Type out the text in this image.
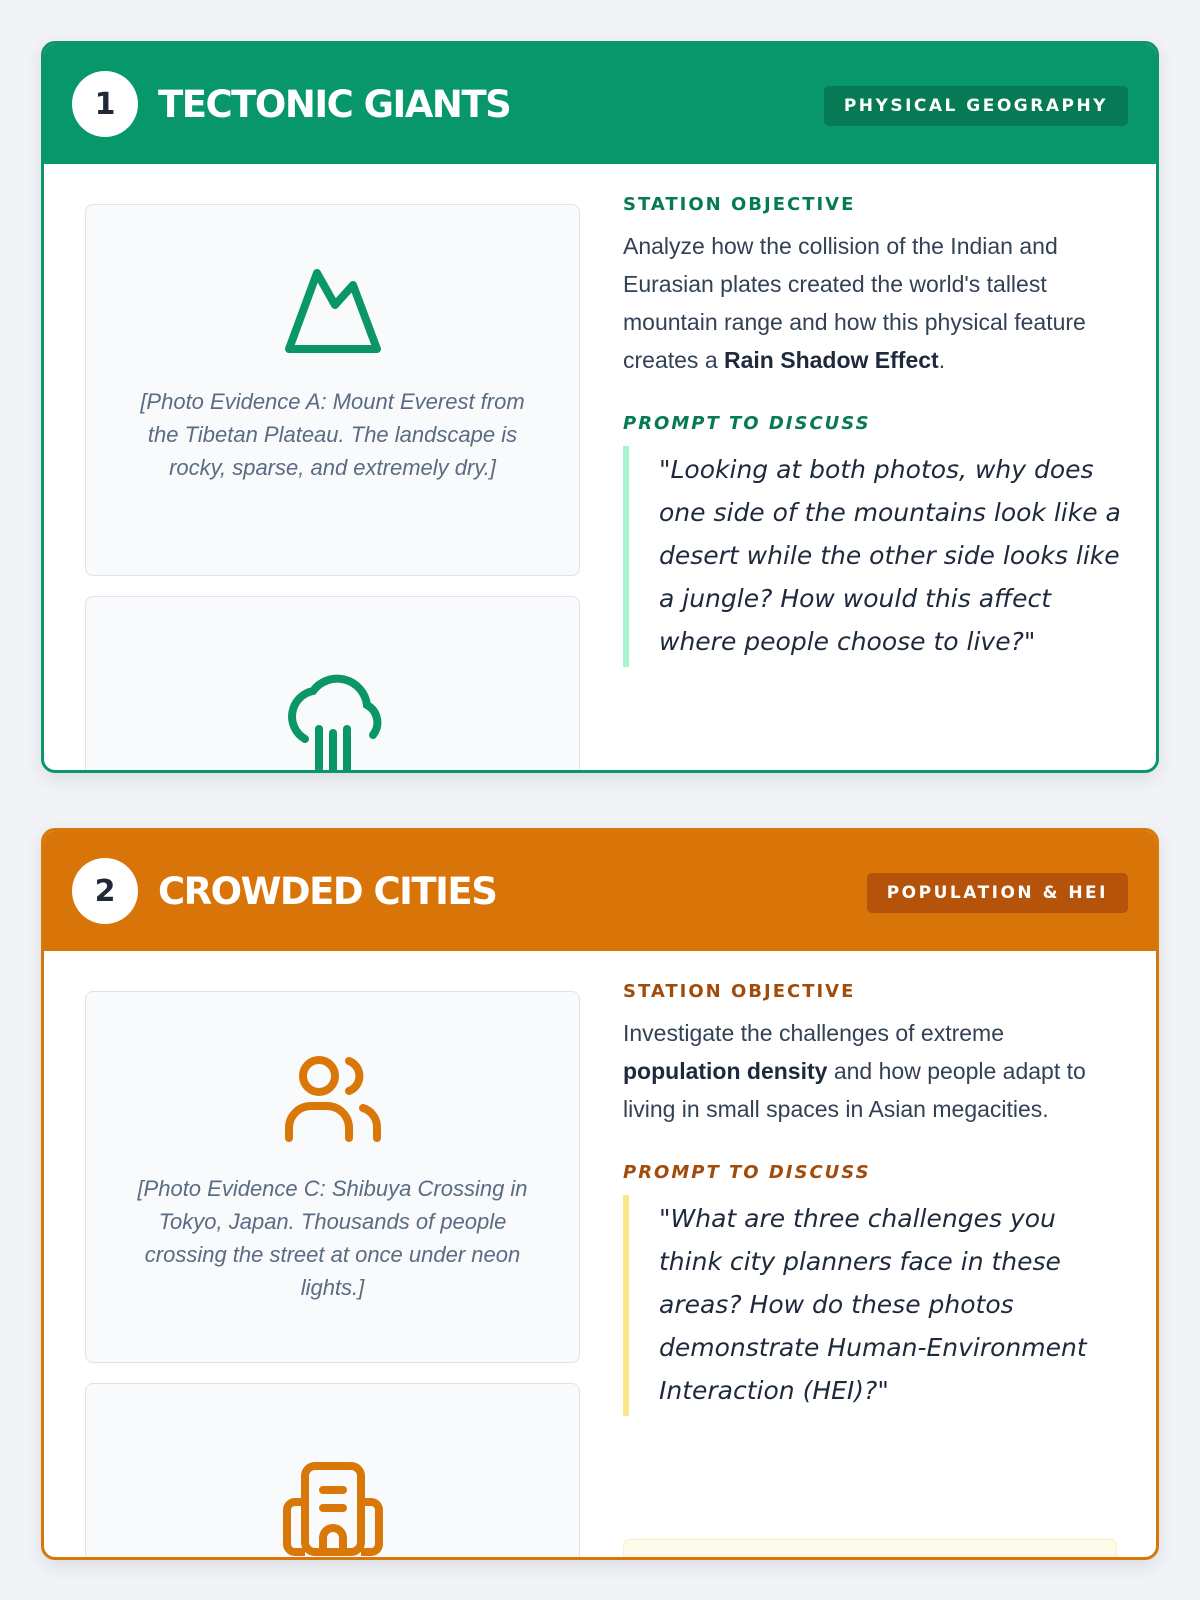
1	TECTONIC GIANTS	PHYSICAL GEOGRAPHY
[Photo Evidence A: Mount Everest from the Tibetan Plateau. The landscape is rocky, sparse, and extremely dry.]
STATION OBJECTIVE
Analyze how the collision of the Indian and Eurasian plates created the world's tallest mountain range and how this physical feature creates a Rain Shadow Effect.
PROMPT TO DISCUSS
"Looking at both photos, why does one side of the mountains look like a desert while the other side looks like a jungle? How would this affect where people choose to live?"
2	CROWDED CITIES	POPULATION & HEI
[Photo Evidence C: Shibuya Crossing in Tokyo, Japan. Thousands of people crossing the street at once under neon lights.]
STATION OBJECTIVE
Investigate the challenges of extreme population density and how people adapt to living in small spaces in Asian megacities.
PROMPT TO DISCUSS
"What are three challenges you think city planners face in these areas? How do these photos demonstrate Human-Environment Interaction (HEI)?"
